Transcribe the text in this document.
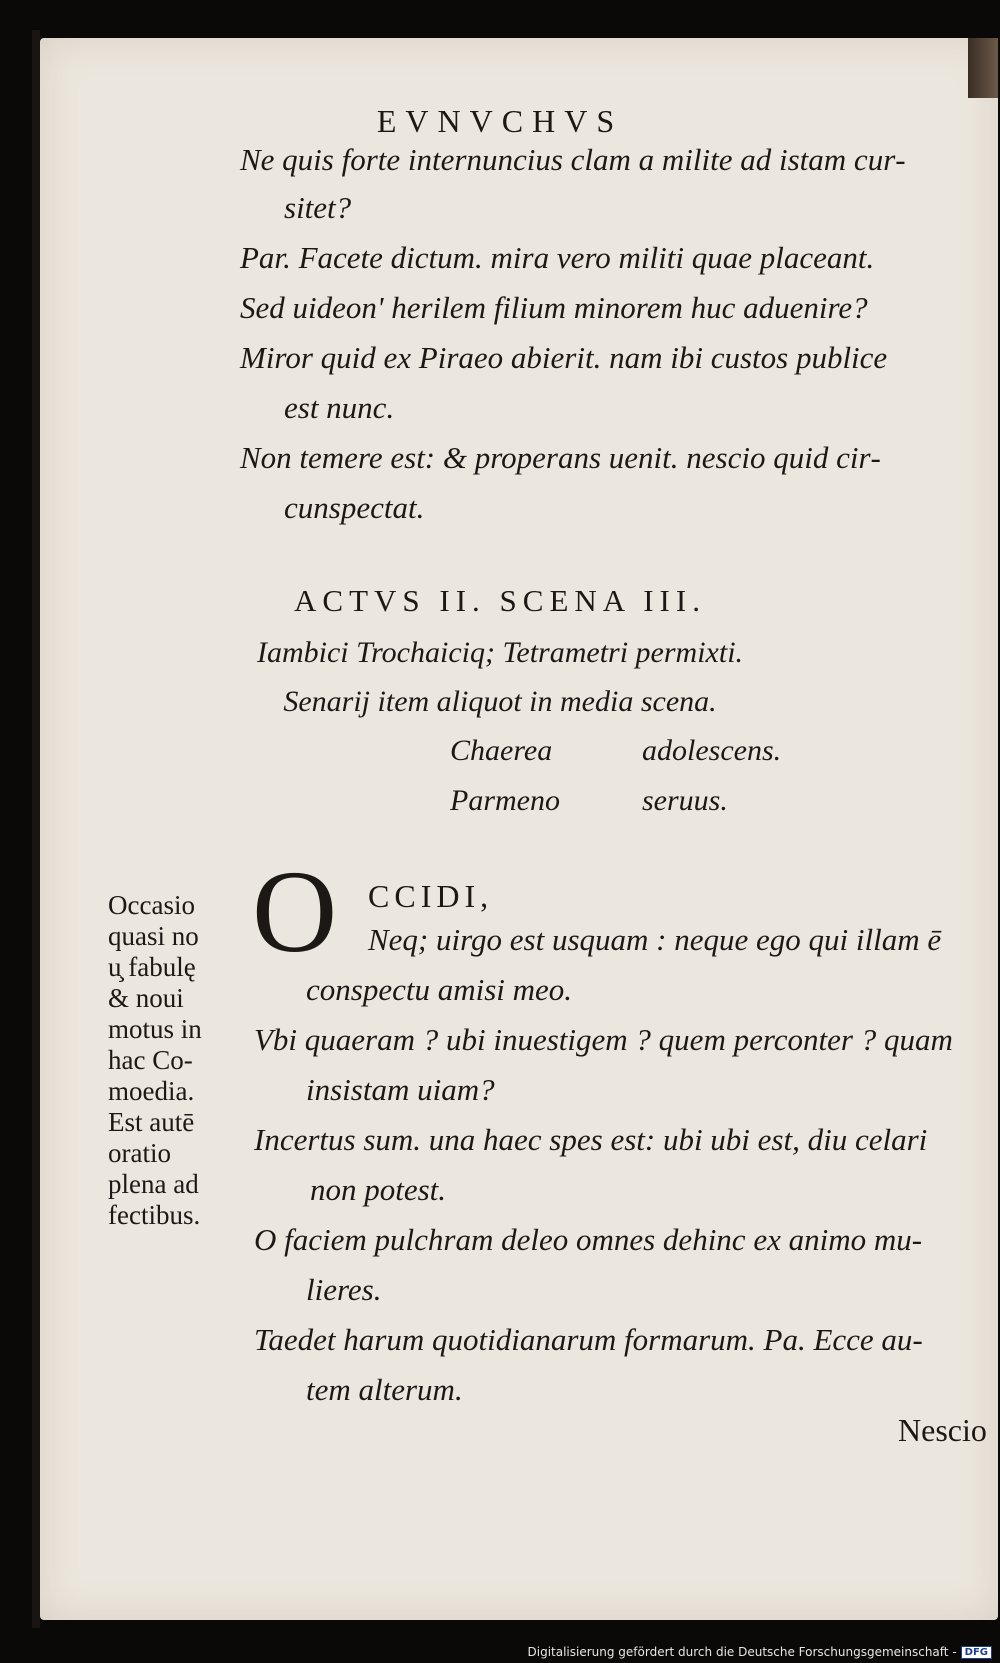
EVNVCHVS
Ne quis forte internuncius clam a milite ad istam cur‑
sitet?
Par. Facete dictum. mira vero militi quae placeant.
Sed uideon' herilem filium minorem huc aduenire?
Miror quid ex Piraeo abierit. nam ibi custos publice
est nunc.
Non temere est: & properans uenit. nescio quid cir‑
cunspectat.
ACTVS II. SCENA III.
Iambici Trochaiciq; Tetrametri permixti.
Senarij item aliquot in media scena.
Chaerea	adolescens.
Parmeno	seruus.
O CCIDI,
Occasio
quasi no
u̧ fabulę
& noui
motus in
hac Co-
moedia.
Est autē
oratio
plena ad
fectibus.
Neq; uirgo est usquam : neque ego qui illam ē
conspectu amisi meo.
Vbi quaeram ? ubi inuestigem ? quem perconter ? quam
insistam uiam?
Incertus sum. una haec spes est: ubi ubi est, diu celari
non potest.
O faciem pulchram deleo omnes dehinc ex animo mu‑
lieres.
Taedet harum quotidianarum formarum. Pa. Ecce au‑
tem alterum.
Nescio
Digitalisierung gefördert durch die Deutsche Forschungsgemeinschaft - DFG
